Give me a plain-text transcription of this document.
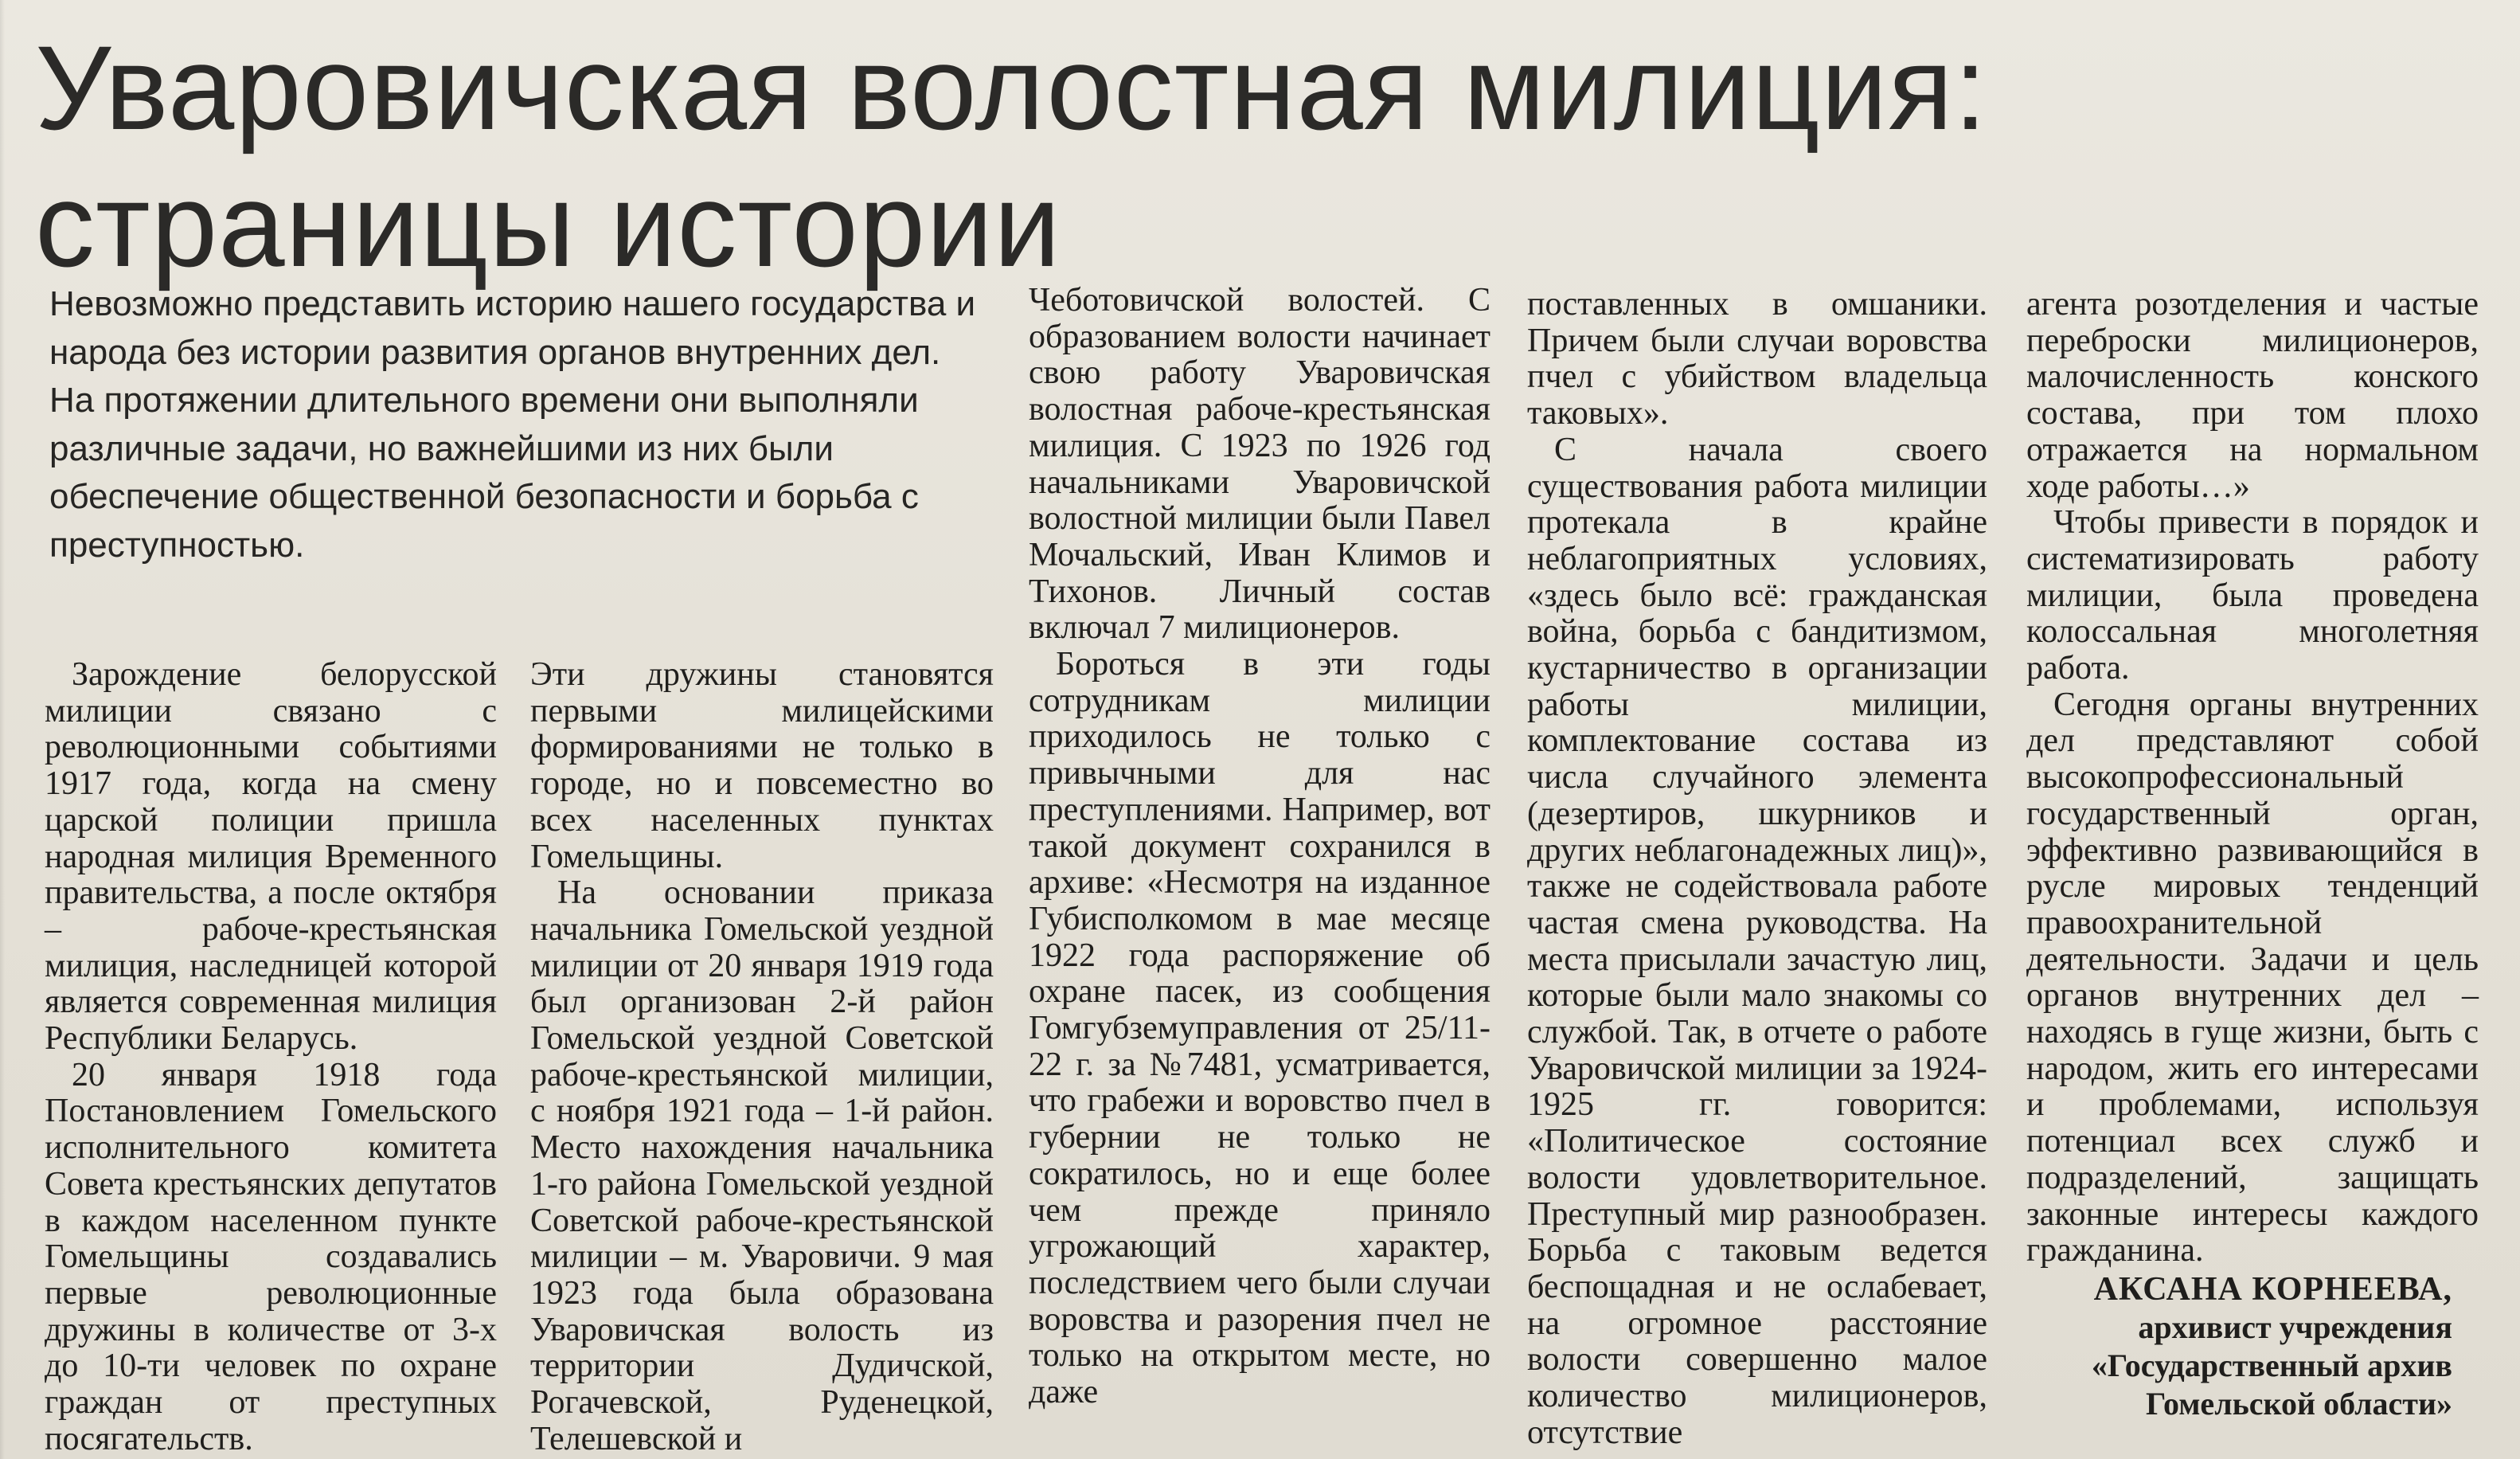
Уваровичская волостная милиция: страницы истории

Невозможно представить историю нашего государства и народа без истории развития органов внутренних дел. На протяжении длительного времени они выполняли различные задачи, но важнейшими из них были обеспечение общественной безопасности и борьба с преступностью.

Зарождение белорусской милиции связано с революционными событиями 1917 года, когда на смену царской полиции пришла народная милиция Временного правительства, а после октября – рабоче-крестьянская милиция, наследницей которой является современная милиция Республики Беларусь.

20 января 1918 года Постановлением Гомельского исполнительного комитета Совета крестьянских депутатов в каждом населенном пункте Гомельщины создавались первые революционные дружины в количестве от 3-х до 10-ти человек по охране граждан от преступных посягательств.

Эти дружины становятся первыми милицейскими формированиями не только в городе, но и повсеместно во всех населенных пунктах Гомельщины.

На основании приказа начальника Гомельской уездной милиции от 20 января 1919 года был организован 2-й район Гомельской уездной Советской рабоче-крестьянской милиции, с ноября 1921 года – 1-й район. Место нахождения начальника 1-го района Гомельской уездной Советской рабоче-крестьянской милиции – м. Уваровичи. 9 мая 1923 года была образована Уваровичская волость из территории Дудичской, Рогачевской, Руденецкой, Телешевской и

Чеботовичской волостей. С образованием волости начинает свою работу Уваровичская волостная рабоче-крестьянская милиция. С 1923 по 1926 год начальниками Уваровичской волостной милиции были Павел Мочальский, Иван Климов и Тихонов. Личный состав включал 7 милиционеров.

Бороться в эти годы сотрудникам милиции приходилось не только с привычными для нас преступлениями. Например, вот такой документ сохранился в архиве: «Несмотря на изданное Губисполкомом в мае месяце 1922 года распоряжение об охране пасек, из сообщения Гомгубземуправления от 25/11-22 г. за №7481, усматривается, что грабежи и воровство пчел в губернии не только не сократилось, но и еще более чем прежде приняло угрожающий характер, последствием чего были случаи воровства и разорения пчел не только на открытом месте, но даже

поставленных в омшаники. Причем были случаи воровства пчел с убийством владельца таковых».

С начала своего существования работа милиции протекала в крайне неблагоприятных условиях, «здесь было всё: гражданская война, борьба с бандитизмом, кустарничество в организации работы милиции, комплектование состава из числа случайного элемента (дезертиров, шкурников и других неблагонадежных лиц)», также не содействовала работе частая смена руководства. На места присылали зачастую лиц, которые были мало знакомы со службой. Так, в отчете о работе Уваровичской милиции за 1924-1925 гг. говорится: «Политическое состояние волости удовлетворительное. Преступный мир разнообразен. Борьба с таковым ведется беспощадная и не ослабевает, на огромное расстояние волости совершенно малое количество милиционеров, отсутствие

агента розотделения и частые переброски милиционеров, малочисленность конского состава, при том плохо отражается на нормальном ходе работы…»

Чтобы привести в порядок и систематизировать работу милиции, была проведена колоссальная многолетняя работа.

Сегодня органы внутренних дел представляют собой высокопрофессиональный государственный орган, эффективно развивающийся в русле мировых тенденций правоохранительной деятельности. Задачи и цель органов внутренних дел – находясь в гуще жизни, быть с народом, жить его интересами и проблемами, используя потенциал всех служб и подразделений, защищать законные интересы каждого гражданина.

АКСАНА КОРНЕЕВА,
архивист учреждения
«Государственный архив
Гомельской области»
